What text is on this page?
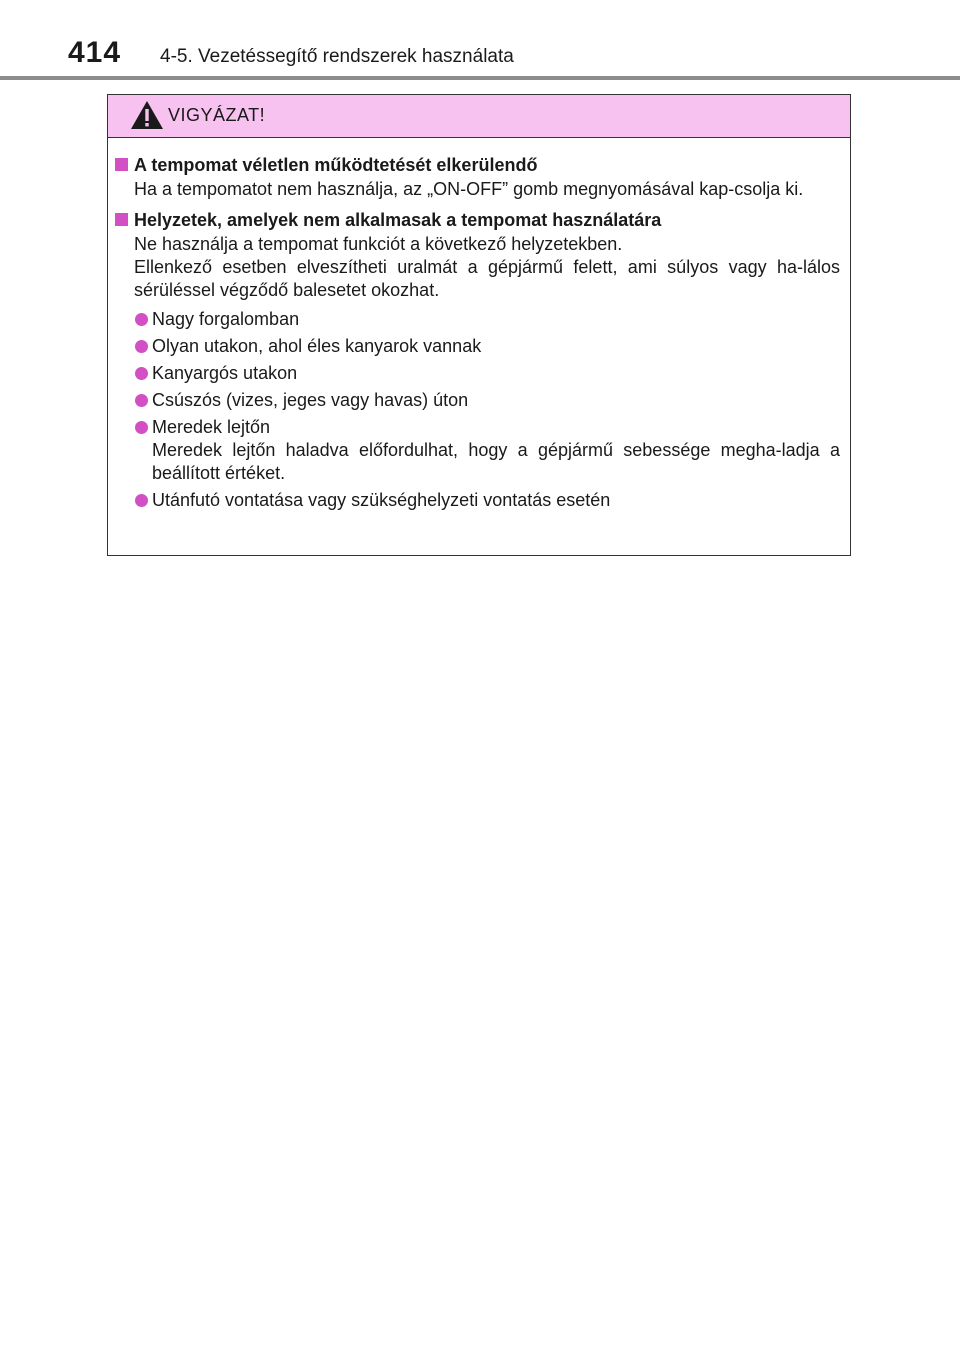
414 4-5. Vezetéssegítő rendszerek használata
VIGYÁZAT!
A tempomat véletlen működtetését elkerülendő
Ha a tempomatot nem használja, az „ON-OFF” gomb megnyomásával kap-csolja ki.
Helyzetek, amelyek nem alkalmasak a tempomat használatára
Ne használja a tempomat funkciót a következő helyzetekben.
Ellenkező esetben elveszítheti uralmát a gépjármű felett, ami súlyos vagy ha-lálos sérüléssel végződő balesetet okozhat.
Nagy forgalomban
Olyan utakon, ahol éles kanyarok vannak
Kanyargós utakon
Csúszós (vizes, jeges vagy havas) úton
Meredek lejtőn
Meredek lejtőn haladva előfordulhat, hogy a gépjármű sebessége megha-ladja a beállított értéket.
Utánfutó vontatása vagy szükséghelyzeti vontatás esetén
